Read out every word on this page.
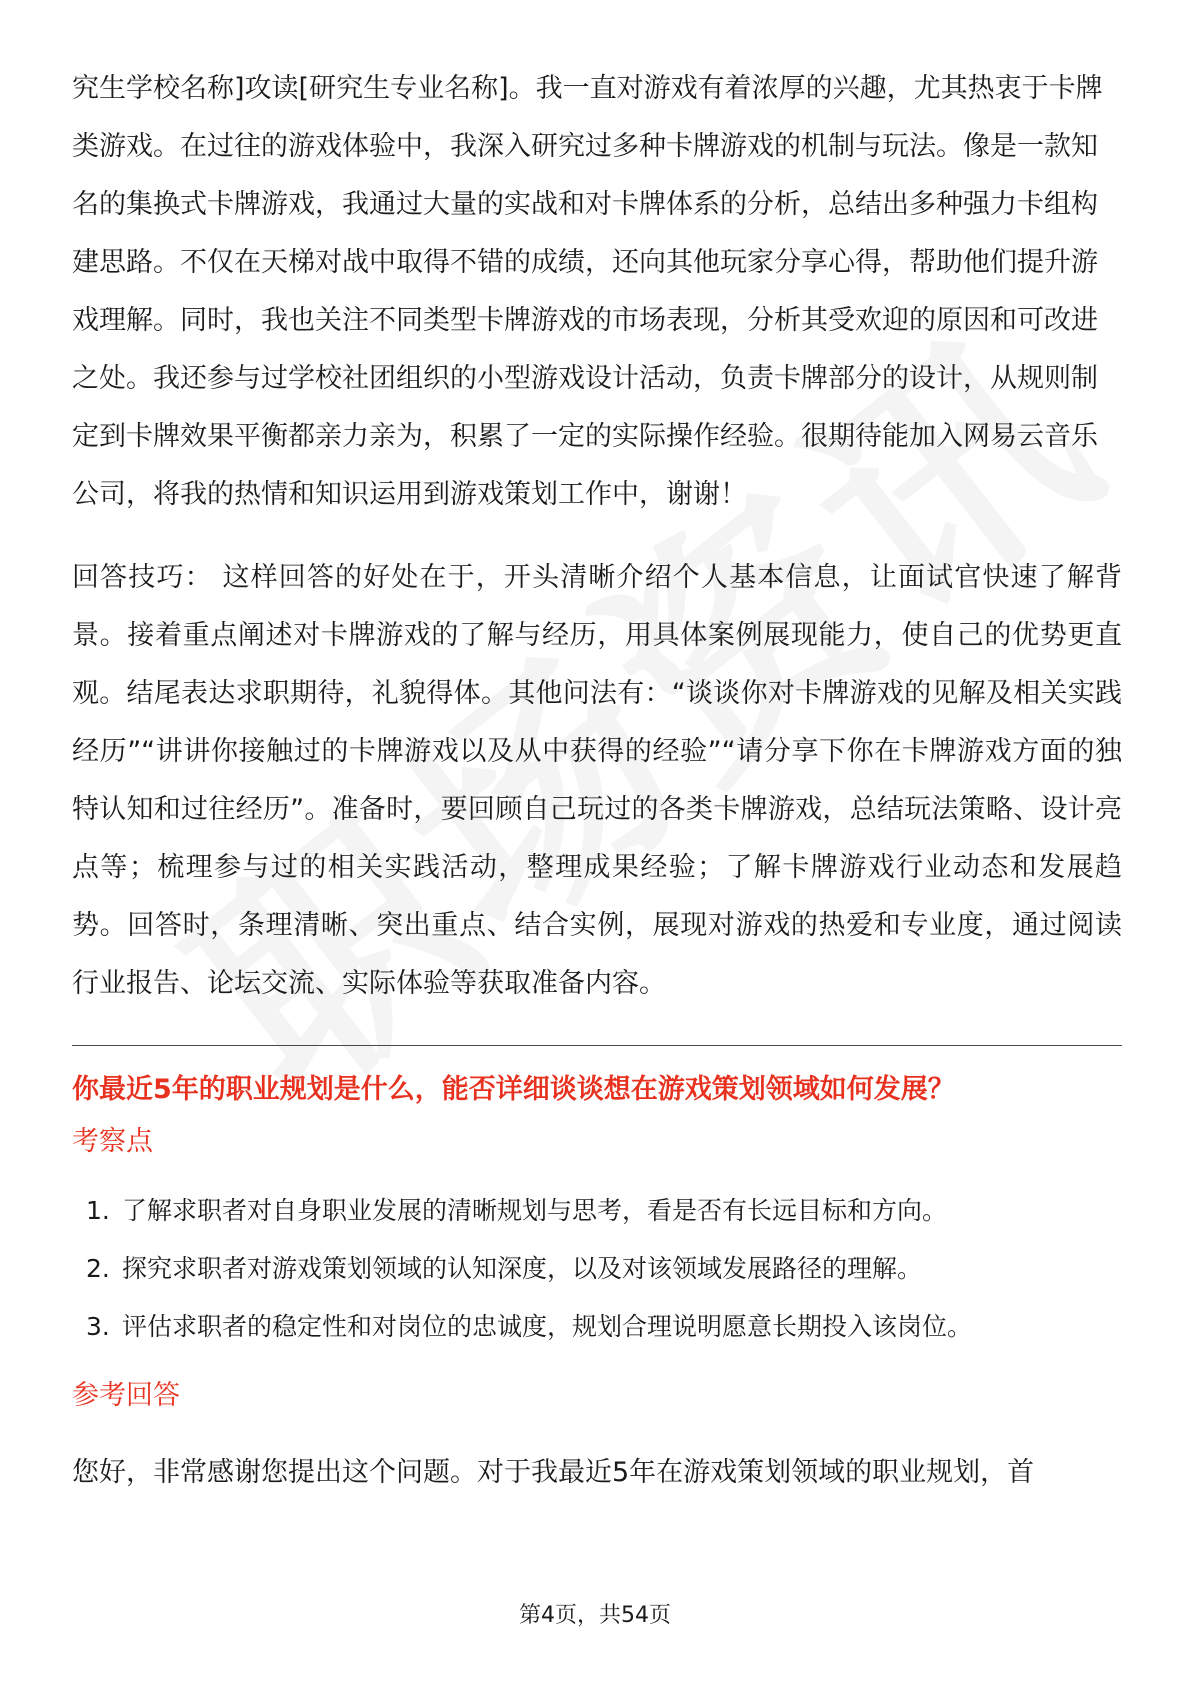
究生学校名称]攻读[研究生专业名称]。我一直对游戏有着浓厚的兴趣，尤其热衷于卡牌类游戏。在过往的游戏体验中，我深入研究过多种卡牌游戏的机制与玩法。像是一款知名的集换式卡牌游戏，我通过大量的实战和对卡牌体系的分析，总结出多种强力卡组构建思路。不仅在天梯对战中取得不错的成绩，还向其他玩家分享心得，帮助他们提升游戏理解。同时，我也关注不同类型卡牌游戏的市场表现，分析其受欢迎的原因和可改进之处。我还参与过学校社团组织的小型游戏设计活动，负责卡牌部分的设计，从规则制定到卡牌效果平衡都亲力亲为，积累了一定的实际操作经验。很期待能加入网易云音乐公司，将我的热情和知识运用到游戏策划工作中，谢谢！

回答技巧： 这样回答的好处在于，开头清晰介绍个人基本信息，让面试官快速了解背景。接着重点阐述对卡牌游戏的了解与经历，用具体案例展现能力，使自己的优势更直观。结尾表达求职期待，礼貌得体。其他问法有：“谈谈你对卡牌游戏的见解及相关实践经历”“讲讲你接触过的卡牌游戏以及从中获得的经验”“请分享下你在卡牌游戏方面的独特认知和过往经历”。准备时，要回顾自己玩过的各类卡牌游戏，总结玩法策略、设计亮点等；梳理参与过的相关实践活动，整理成果经验；了解卡牌游戏行业动态和发展趋势。回答时，条理清晰、突出重点、结合实例，展现对游戏的热爱和专业度，通过阅读行业报告、论坛交流、实际体验等获取准备内容。

你最近5年的职业规划是什么，能否详细谈谈想在游戏策划领域如何发展？

考察点

1. 了解求职者对自身职业发展的清晰规划与思考，看是否有长远目标和方向。
2. 探究求职者对游戏策划领域的认知深度，以及对该领域发展路径的理解。
3. 评估求职者的稳定性和对岗位的忠诚度，规划合理说明愿意长期投入该岗位。

参考回答

您好，非常感谢您提出这个问题。对于我最近5年在游戏策划领域的职业规划，首

第4页，共54页
